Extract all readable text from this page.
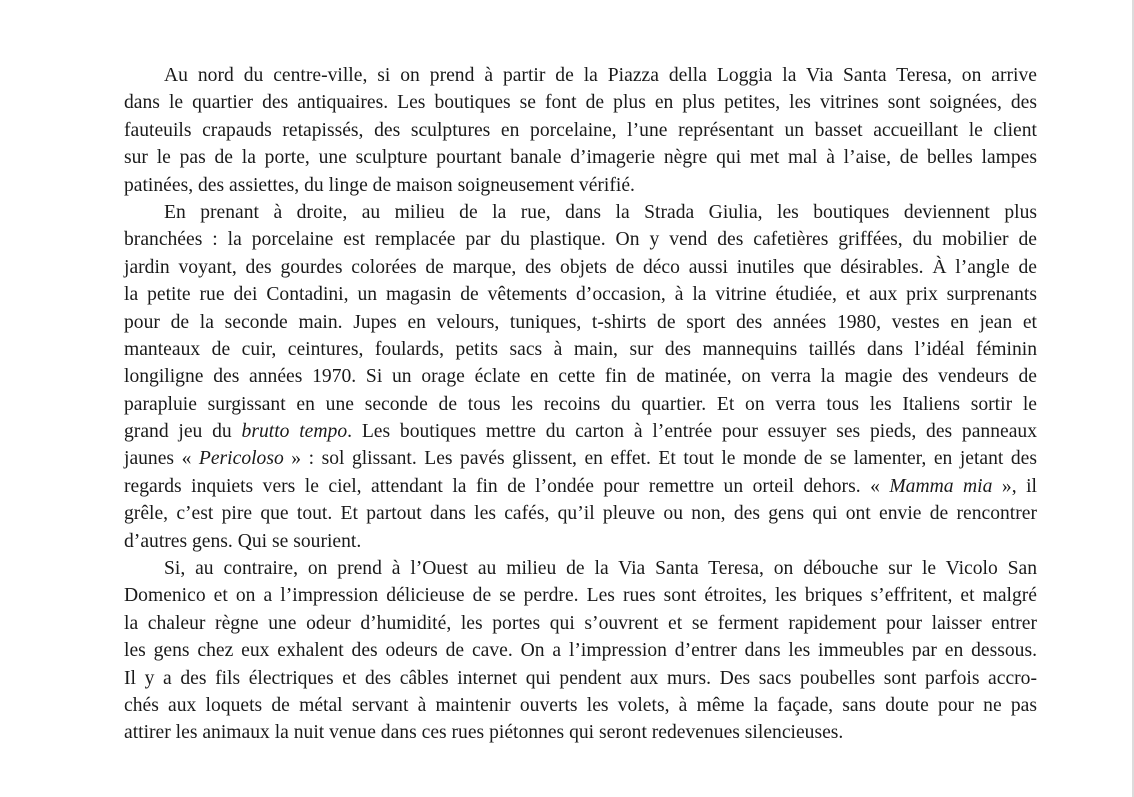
Au nord du centre-ville, si on prend à partir de la Piazza della Loggia la Via Santa Teresa, on arrive
dans le quartier des antiquaires. Les boutiques se font de plus en plus petites, les vitrines sont soignées, des
fauteuils crapauds retapissés, des sculptures en porcelaine, l’une représentant un basset accueillant le client
sur le pas de la porte, une sculpture pourtant banale d’imagerie nègre qui met mal à l’aise, de belles lampes
patinées, des assiettes, du linge de maison soigneusement vérifié.
En prenant à droite, au milieu de la rue, dans la Strada Giulia, les boutiques deviennent plus
branchées : la porcelaine est remplacée par du plastique. On y vend des cafetières griffées, du mobilier de
jardin voyant, des gourdes colorées de marque, des objets de déco aussi inutiles que désirables. À l’angle de
la petite rue dei Contadini, un magasin de vêtements d’occasion, à la vitrine étudiée, et aux prix surprenants
pour de la seconde main. Jupes en velours, tuniques, t-shirts de sport des années 1980, vestes en jean et
manteaux de cuir, ceintures, foulards, petits sacs à main, sur des mannequins taillés dans l’idéal féminin
longiligne des années 1970. Si un orage éclate en cette fin de matinée, on verra la magie des vendeurs de
parapluie surgissant en une seconde de tous les recoins du quartier. Et on verra tous les Italiens sortir le
grand jeu du brutto tempo. Les boutiques mettre du carton à l’entrée pour essuyer ses pieds, des panneaux
jaunes « Pericoloso » : sol glissant. Les pavés glissent, en effet. Et tout le monde de se lamenter, en jetant des
regards inquiets vers le ciel, attendant la fin de l’ondée pour remettre un orteil dehors. « Mamma mia », il
grêle, c’est pire que tout. Et partout dans les cafés, qu’il pleuve ou non, des gens qui ont envie de rencontrer
d’autres gens. Qui se sourient.
Si, au contraire, on prend à l’Ouest au milieu de la Via Santa Teresa, on débouche sur le Vicolo San
Domenico et on a l’impression délicieuse de se perdre. Les rues sont étroites, les briques s’effritent, et malgré
la chaleur règne une odeur d’humidité, les portes qui s’ouvrent et se ferment rapidement pour laisser entrer
les gens chez eux exhalent des odeurs de cave. On a l’impression d’entrer dans les immeubles par en dessous.
Il y a des fils électriques et des câbles internet qui pendent aux murs. Des sacs poubelles sont parfois accro-
chés aux loquets de métal servant à maintenir ouverts les volets, à même la façade, sans doute pour ne pas
attirer les animaux la nuit venue dans ces rues piétonnes qui seront redevenues silencieuses.
